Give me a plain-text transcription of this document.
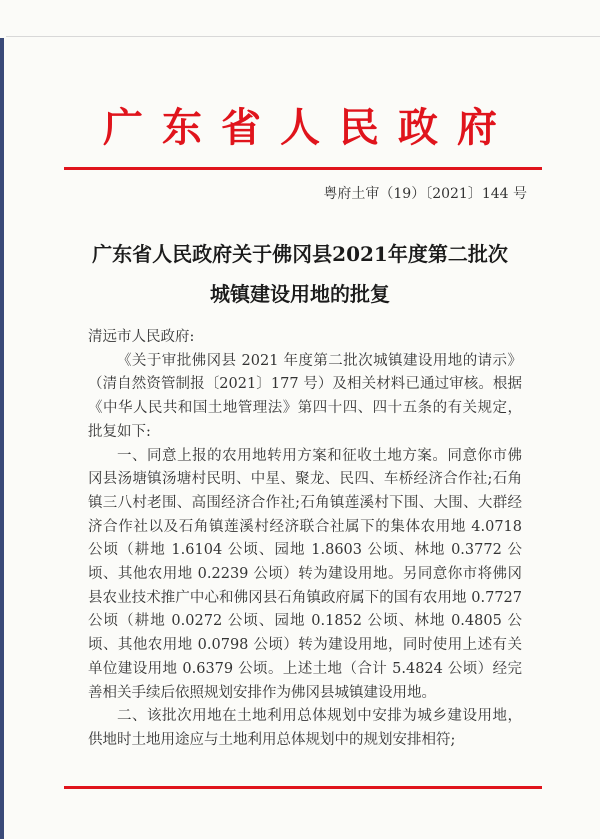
广东省人民政府
粤府土审（19）〔2021〕144 号
广东省人民政府关于佛冈县2021年度第二批次
城镇建设用地的批复

清远市人民政府:

《关于审批佛冈县 2021 年度第二批次城镇建设用地的请示》（清自然资管制报〔2021〕177 号）及相关材料已通过审核。根据《中华人民共和国土地管理法》第四十四、四十五条的有关规定，批复如下:

一、同意上报的农用地转用方案和征收土地方案。同意你市佛冈县汤塘镇汤塘村民明、中星、聚龙、民四、车桥经济合作社;石角镇三八村老围、高围经济合作社;石角镇莲溪村下围、大围、大群经济合作社以及石角镇莲溪村经济联合社属下的集体农用地 4.0718 公顷（耕地 1.6104 公顷、园地 1.8603 公顷、林地 0.3772 公顷、其他农用地 0.2239 公顷）转为建设用地。另同意你市将佛冈县农业技术推广中心和佛冈县石角镇政府属下的国有农用地 0.7727 公顷（耕地 0.0272 公顷、园地 0.1852 公顷、林地 0.4805 公顷、其他农用地 0.0798 公顷）转为建设用地，同时使用上述有关单位建设用地 0.6379 公顷。上述土地（合计 5.4824 公顷）经完善相关手续后依照规划安排作为佛冈县城镇建设用地。

二、该批次用地在土地利用总体规划中安排为城乡建设用地，供地时土地用途应与土地利用总体规划中的规划安排相符;
